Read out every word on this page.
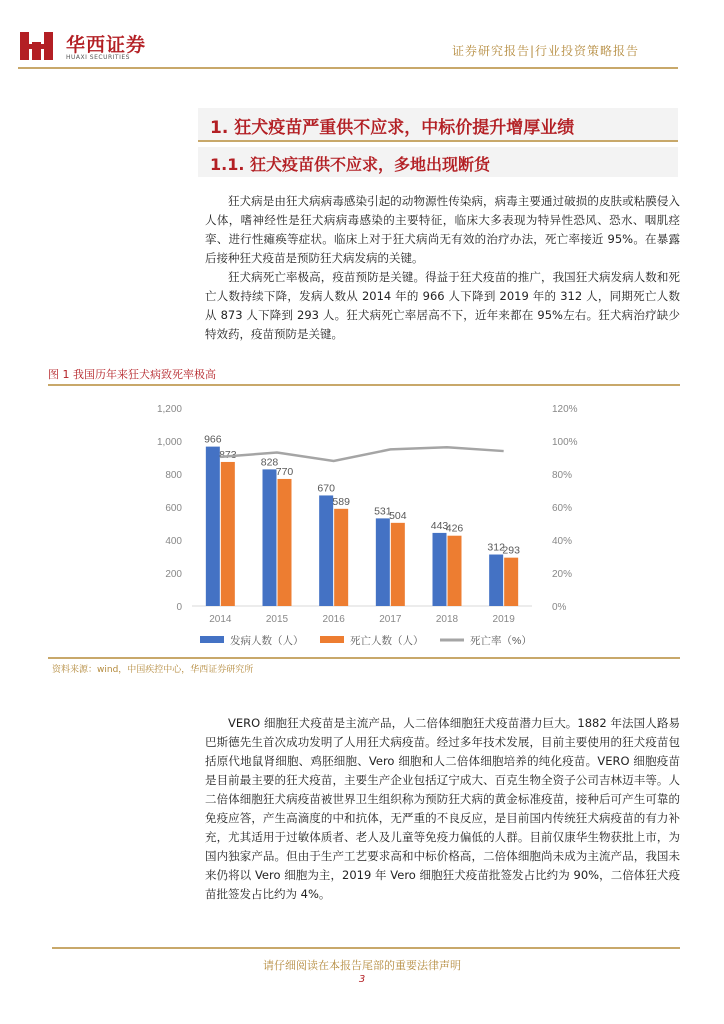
华西证券
HUAXI SECURITIES	证券研究报告|行业投资策略报告
1. 狂犬疫苗严重供不应求，中标价提升增厚业绩
1.1. 狂犬疫苗供不应求，多地出现断货

狂犬病是由狂犬病病毒感染引起的动物源性传染病，病毒主要通过破损的皮肤或粘膜侵入人体，嗜神经性是狂犬病病毒感染的主要特征，临床大多表现为特异性恐风、恐水、咽肌痉挛、进行性瘫痪等症状。临床上对于狂犬病尚无有效的治疗办法，死亡率接近 95%。在暴露后接种狂犬疫苗是预防狂犬病发病的关键。

狂犬病死亡率极高，疫苗预防是关键。得益于狂犬疫苗的推广，我国狂犬病发病人数和死亡人数持续下降，发病人数从 2014 年的 966 人下降到 2019 年的 312 人，同期死亡人数从 873 人下降到 293 人。狂犬病死亡率居高不下，近年来都在 95%左右。狂犬病治疗缺少特效药，疫苗预防是关键。

图 1 我国历年来狂犬病致死率极高
0
200
400
600
800
1,000
1,200
0%
20%
40%
60%
80%
100%
120%
966
873
828
770
670
589
531
504
443
426
312
293
2014	2015	2016	2017	2018	2019
发病人数（人）	死亡人数（人）	死亡率（%）
资料来源：wind，中国疾控中心，华西证券研究所

VERO 细胞狂犬疫苗是主流产品，人二倍体细胞狂犬疫苗潜力巨大。1882 年法国人路易巴斯德先生首次成功发明了人用狂犬病疫苗。经过多年技术发展，目前主要使用的狂犬疫苗包括原代地鼠肾细胞、鸡胚细胞、Vero 细胞和人二倍体细胞培养的纯化疫苗。VERO 细胞疫苗是目前最主要的狂犬疫苗，主要生产企业包括辽宁成大、百克生物全资子公司吉林迈丰等。人二倍体细胞狂犬病疫苗被世界卫生组织称为预防狂犬病的黄金标准疫苗，接种后可产生可靠的免疫应答，产生高滴度的中和抗体，无严重的不良反应，是目前国内传统狂犬病疫苗的有力补充，尤其适用于过敏体质者、老人及儿童等免疫力偏低的人群。目前仅康华生物获批上市，为国内独家产品。但由于生产工艺要求高和中标价格高，二倍体细胞尚未成为主流产品，我国未来仍将以 Vero 细胞为主，2019 年 Vero 细胞狂犬疫苗批签发占比约为 90%，二倍体狂犬疫苗批签发占比约为 4%。

请仔细阅读在本报告尾部的重要法律声明
3
